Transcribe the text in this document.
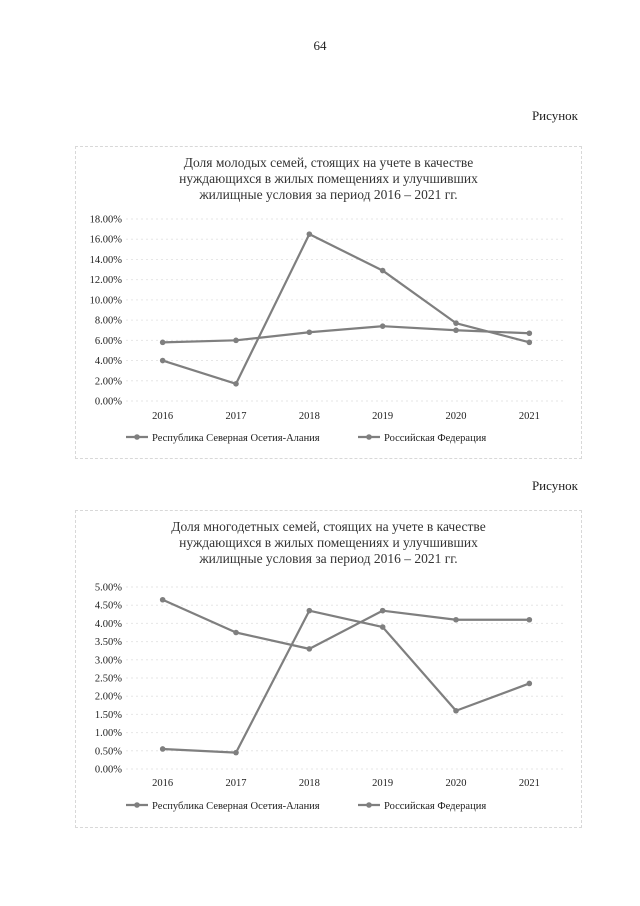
64
Рисунок
Рисунок
Доля молодых семей, стоящих на учете в качестве
нуждающихся в жилых помещениях и улучшивших
жилищные условия за период 2016 – 2021 гг.
0.00%
2.00%
4.00%
6.00%
8.00%
10.00%
12.00%
14.00%
16.00%
18.00%
2016	2017	2018	2019	2020	2021
Республика Северная Осетия-Алания	Российская Федерация
Доля многодетных семей, стоящих на учете в качестве
нуждающихся в жилых помещениях и улучшивших
жилищные условия за период 2016 – 2021 гг.
0.00%
0.50%
1.00%
1.50%
2.00%
2.50%
3.00%
3.50%
4.00%
4.50%
5.00%
2016	2017	2018	2019	2020	2021
Республика Северная Осетия-Алания	Российская Федерация
